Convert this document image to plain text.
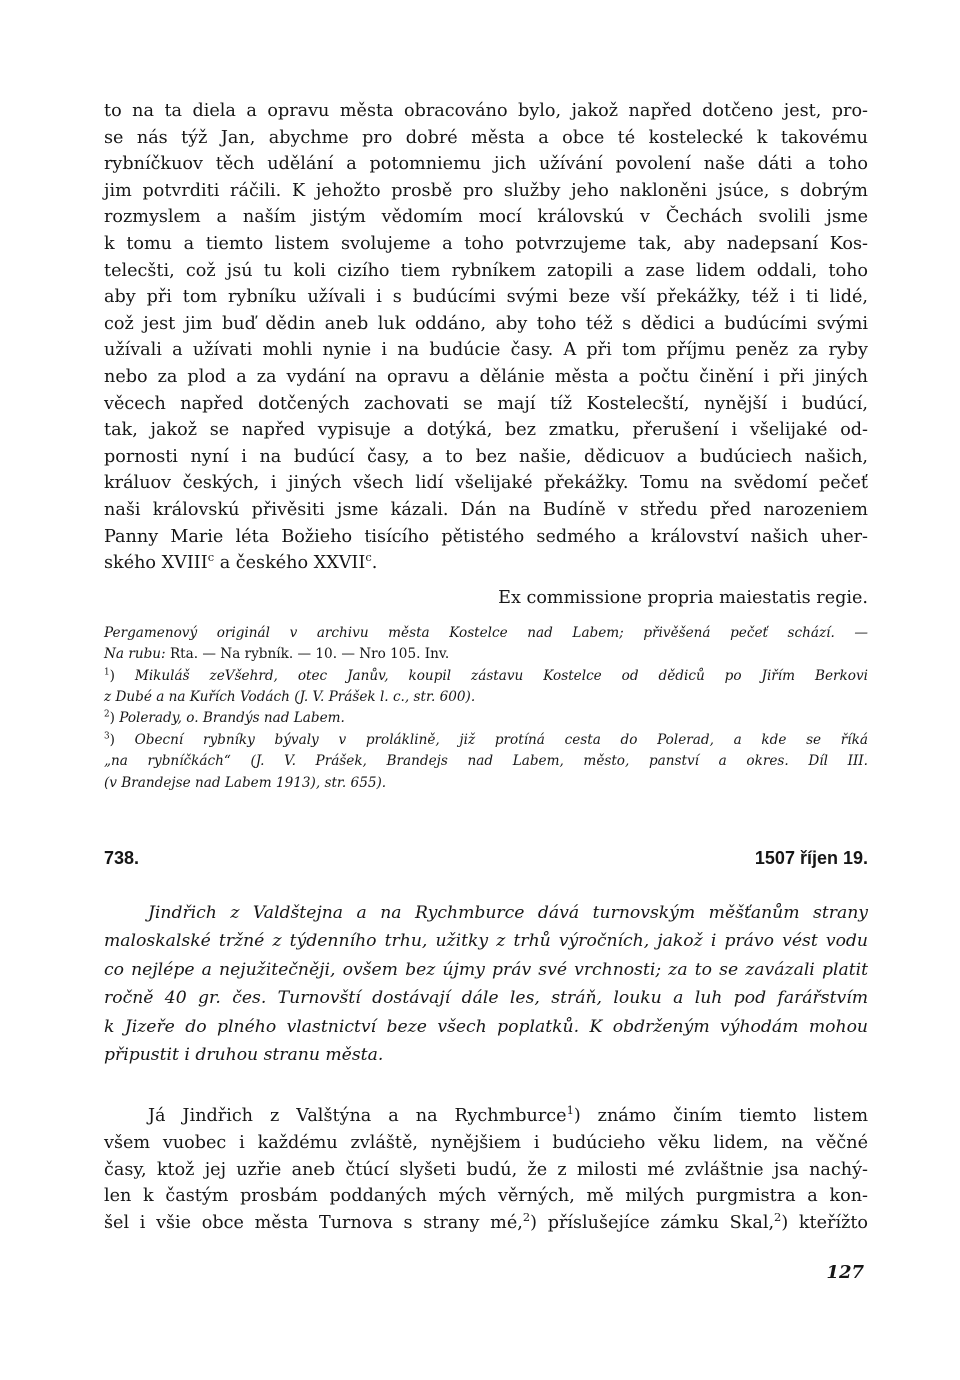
to na ta diela a opravu města obracováno bylo, jakož napřed dotčeno jest, pro-
se nás týž Jan, abychme pro dobré města a obce té kostelecké k takovému
rybníčkuov těch udělání a potomniemu jich užívání povolení naše dáti a toho
jim potvrditi ráčili. K jehožto prosbě pro služby jeho nakloněni jsúce, s dobrým
rozmyslem a naším jistým vědomím mocí královskú v Čechách svolili jsme
k tomu a tiemto listem svolujeme a toho potvrzujeme tak, aby nadepsaní Kos-
telecšti, což jsú tu koli cizího tiem rybníkem zatopili a zase lidem oddali, toho
aby při tom rybníku užívali i s budúcími svými beze vší překážky, též i ti lidé,
což jest jim buď dědin aneb luk oddáno, aby toho též s dědici a budúcími svými
užívali a užívati mohli nynie i na budúcie časy. A při tom příjmu peněz za ryby
nebo za plod a za vydání na opravu a dělánie města a počtu činění i při jiných
věcech napřed dotčených zachovati se mají tíž Kostelecští, nynější i budúcí,
tak, jakož se napřed vypisuje a dotýká, bez zmatku, přerušení i všelijaké od-
pornosti nyní i na budúcí časy, a to bez našie, dědicuov a budúciech našich,
králuov českých, i jiných všech lidí všelijaké překážky. Tomu na svědomí pečeť
naši královskú přivěsiti jsme kázali. Dán na Budíně v středu před narozeniem
Panny Marie léta Božieho tisícího pětistého sedmého a království našich uher-
ského XVIII$^c$ a českého XXVII$^c$.

Ex commissione propria maiestatis regie.

Pergamenový originál v archivu města Kostelce nad Labem; přivěšená pečeť schází. —
Na rubu: Rta. — Na rybník. — 10. — Nro 105. Inv.
$^1$) Mikuláš zeVšehrd, otec Janův, koupil zástavu Kostelce od dědiců po Jiřím Berkovi
z Dubé a na Kuřích Vodách (J. V. Prášek l. c., str. 600).
$^2$) Polerady, o. Brandýs nad Labem.
$^3$) Obecní rybníky bývaly v proláklině, již protíná cesta do Polerad, a kde se říká
„na rybníčkách“ (J. V. Prášek, Brandejs nad Labem, město, panství a okres. Díl III.
(v Brandejse nad Labem 1913), str. 655).
738.	1507 říjen 19.
Jindřich z Valdštejna a na Rychmburce dává turnovským měšťanům strany
maloskalské tržné z týdenního trhu, užitky z trhů výročních, jakož i právo vést vodu
co nejlépe a nejužitečněji, ovšem bez újmy práv své vrchnosti; za to se zavázali platit
ročně 40 gr. čes. Turnovští dostávají dále les, stráň, louku a luh pod farářstvím
k Jizeře do plného vlastnictví beze všech poplatků. K obdrženým výhodám mohou
připustit i druhou stranu města.
Já Jindřich z Valštýna a na Rychmburce$^1$) známo činím tiemto listem
všem vuobec i každému zvláště, nynějšiem i budúcieho věku lidem, na věčné
časy, ktož jej uzřie aneb čtúcí slyšeti budú, že z milosti mé zvláštnie jsa nachý-
len k častým prosbám poddaných mých věrných, mě milých purgmistra a kon-
šel i všie obce města Turnova s strany mé,$^2$) příslušejíce zámku Skal,$^2$) kteřížto
127
